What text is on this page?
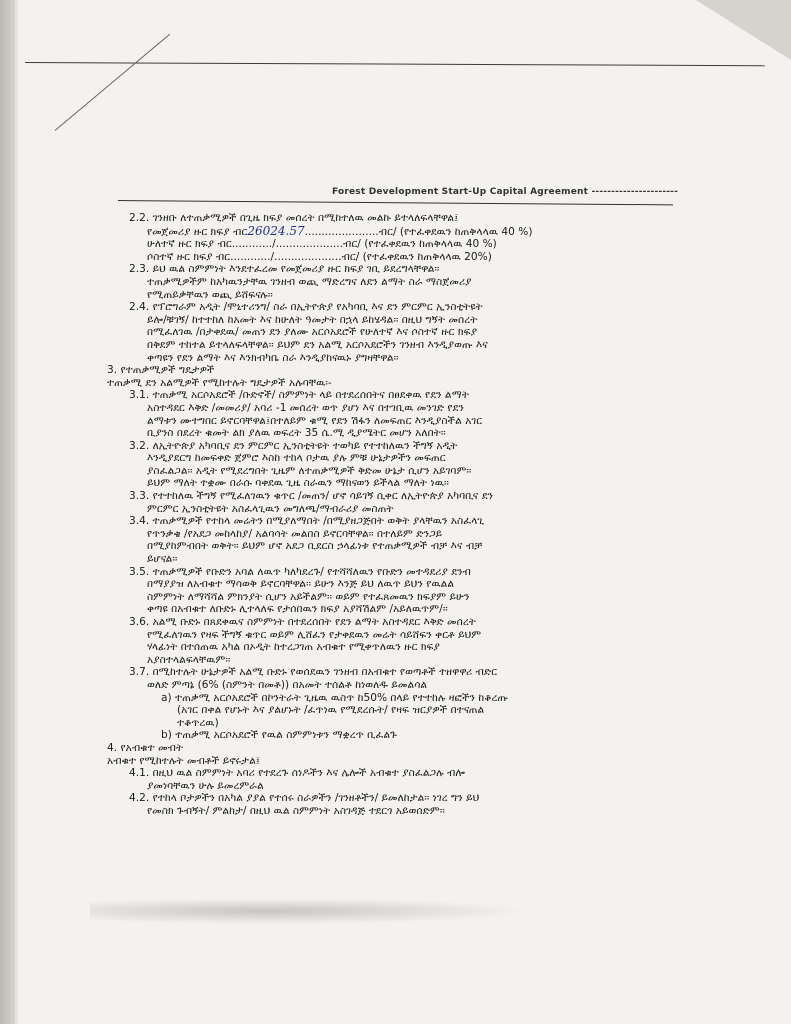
Forest Development Start-Up Capital Agreement ----------------------
2.2. ገንዘቡ ለተጠቃሚዎች በጊዜ ክፍያ መሰረት በሚከተለዉ መልኩ ይተላለፍላቸዋል፤
የመጀመሪያ ዙር ክፍያ ብር26024.57......................ብር/ (የተፈቀደዉን ከጠቅላላዉ 40 %)
ሁለተኛ ዙር ክፍያ ብር............/....................ብር/ (የተፈቀደዉን ከጠቅላላዉ 40 %)
ሶስተኛ ዙር ክፍያ ብር............/....................ብር/ (የተፈቀደዉን ከጠቅላላዉ 20%)
2.3. ይህ ዉል ስምምነት እንደተፈረመ የመጀመሪያ ዙር ክፍያ ገቢ ይደረግላቸዋል፡፡
ተጠቃሚዎችም ከአካዉንታቸዉ ገንዘብ ወጪ ማድረግና ለደን ልማት ስራ ማስጀመሪያ
የሚጠይቃቸዉን ወጪ ይሸፍናሉ፡፡
2.4. የፕሮግራም አዲት /ሞኒተሪንግ/ ስራ በኢትዮጵያ የአካባቢ እና ደን ምርምር ኢንስቲትዩት
ይሎ/ቹገኝ/ ከተተከለ ከአመት እና ከሁለት ዓመታት በኋላ ይከሄዳል፡፡ በዚህ ግኝት መሰረት
በሚፈለገዉ /በታቀደዉ/ መጠን ደን ያለሙ አርሶአደሮች የሁለተኛ እና ሶስተኛ ዙር ክፍያ
በቅደም ተከተል ይተላለፍላቸዋል፡፡ ይህም ደን አልሚ አርሶአደሮችን ገንዘብ እንዲያወጡ እና
ቀጣዩን የደን ልማት እና እንክብካቤ ስራ እንዲያከናዉኑ ያግዛቸዋል፡፡
3. የተጠቃሚዎች ግዴታዎች
ተጠቃሚ ደን አልሚዎች የሚከተሉት ግዴታዎች አሉባቸዉ፡-
3.1. ተጠቃሚ አርሶአደሮች /ቡድኖች/ ስምምነት ላይ በተደረሰበትና በፀደቀዉ የደን ልማት
አስተዳደር እቅድ /መመሪያ/ አባሪ -1 መሰረት ወጥ ያሆነ እና በተገቢዉ መንገድ የደን
ልማቱን ሙተግበር ይኖርባቸዋል፤በተለይም ቁሚ የደን ሽፋን ለመፍጠር እንዲያስችል አገር
ቢያንስ በደረት ቁመት ልክ ያለዉ ወፍረት 35 ሴ.ሚ ዲያሜትር መሆን አለበት፡፡
3.2. ለኢትዮጵያ አካባቢና ደን ምርምር ኢንስቲትዩት ተወካይ የተተከለዉን ችግኝ አዲት
እንዲያደርግ ከመፍቀድ ጀምሮ እስከ ተከላ ቦታዉ ያሉ ምቹ ሁኔታዎችን መፍጠር
ያስፈልጋል፡፡ አዲት የሚደረግበት ጊዜም ለተጠቃሚዎች ቅድመ ሁኔታ ሲሆን አይገባም፡፡
ይህም ማለት ተቋሙ በራሱ ባቀደዉ ጊዜ ስራዉን ማከናወን ይችላል ማለት ነዉ፡፡
3.3. የተተከለዉ ችግኝ የሚፈለገዉን ቁጥር /መጠን/ ሆኖ ሳይገኝ ሲቀር ለኢትዮጵያ አካባቢና ደን
ምርምር ኢንስቲትዩት አስፈላጊዉን መግለጫ/ማብራሪያ መስጠት
3.4. ተጠቃሚዎች የተከላ መሬትን በሚያለማበት /በሚያዘጋጅበት ወቅት ያላቸዉን አስፈላጊ
የጥንቃቄ /የአደጋ መከላከያ/ አልባሳት መልበስ ይኖርባቸዋል፡፡ በተለይም ድንጋይ
በሚያከምብበት ወቅት፡፡ ይህም ሆኖ አደጋ ቢደርስ ኃላፊነቱ የተጠቃሚዎች ብቻ እና ብቻ
ይሆናል፡፡
3.5. ተጠቃሚዎች የቡድን አባል ለዉጥ ካለካደረጉ/ የተሻሻለዉን የቡድን መተዳደሪያ ደንብ
በማያያዝ ለአብቁተ ማሳወቅ ይኖርባቸዋል፡፡ ይሁን እንጅ ይህ ለዉጥ ይህን የዉልል
ስምምነት ለማሻሻል ምክንያት ሲሆን አይችልም፡፡ ወይም የተፈጸመዉን ክፍያም ይሁን
ቀጣዩ በአብቁተ ለቡድኑ ሊተላለፍ የታሰበዉን ክፍያ አያሻሽልም /አይለዉጥም/፡፡
3.6. አልሚ ቡድኑ በጸደቀዉና ስምምነት በተደረሰበት የደን ልማት አስተዳደር እቅድ መሰረት
የሚፈለገዉን የዛፍ ችግኝ ቁጥር ወይም ሊሸፈን የታቀደዉን መሬት ሳይሸፍን ቀርቶ ይህም
ሃላፊነት በተሰጠዉ አካል በኦዲት ከተረጋገጠ አብቁተ የሚቀጥለዉን ዙር ክፍያ
አያስተላልፍላቸዉም፡፡
3.7. በሚከተሉት ሁኔታዎች አልሚ ቡድኑ የወሰደዉን ገንዘብ በአብቁተ የወጣቶች ተዘዋዋሪ ብድር
ወለድ ምጣኔ (6% (ስምንት በመቶ)) በአመት ተሰልቶ ከነወለዱ ይመልሳል
a) ተጠቃሚ አርሶአደሮች በኮንትራት ጊዜዉ ዉስጥ ከ50% በላይ የተተከሉ ዛፎችን ከቆረጡ
(አገር በቀል የሆኑት እና ያልሆኑት /ፈጥነዉ የሚደረሱት/ የዛፍ ዝርያዎች በተናጠል
ተቆጥረዉ)
b) ተጠቃሚ አርሶአደሮች የዉል ስምምነቱን ማቋረጥ ቢፈልጉ
4. የአብቁተ መብት
አብቁተ የሚከተሉት መብቶች ይኖሩታል፤
4.1. በዚህ ዉል ስምምነት አባሪ የተደረጉ ሰነዶችን እና ሌሎች አብቁተ ያስፈልጋሉ ብሎ
ያመነባቸዉን ሁሉ ይመረምራል
4.2. የተከላ ቦታዎችን በአካል ያያል የተሰሩ ስራዎችን /ገንዘቶችን/ ይመለከታል፡፡ ነገረ ግን ይህ
የመስክ ጉብኝት/ ምልከታ/ በዚህ ዉል ስምምነት አስገዳጅ ተደርጎ አይወሰድም፡፡
